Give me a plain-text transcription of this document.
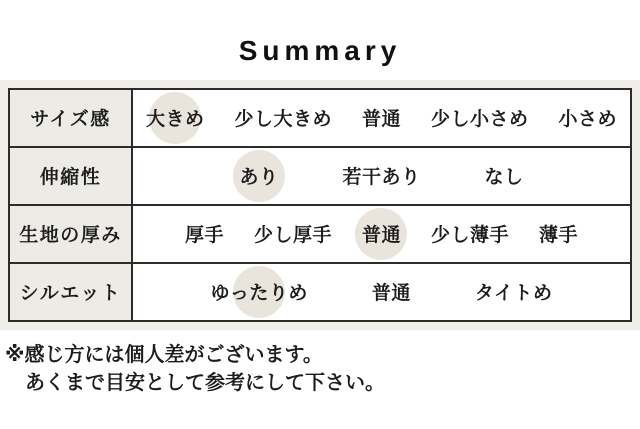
Summary
サイズ感	大きめ 少し大きめ 普通 少し小さめ 小さめ
伸縮性	あり	若干あり	なし
生地の厚み	厚手 少し厚手 普通 少し薄手 薄手
シルエット	ゆったりめ	普通	タイトめ
※感じ方には個人差がございます。
あくまで目安として参考にして下さい。
